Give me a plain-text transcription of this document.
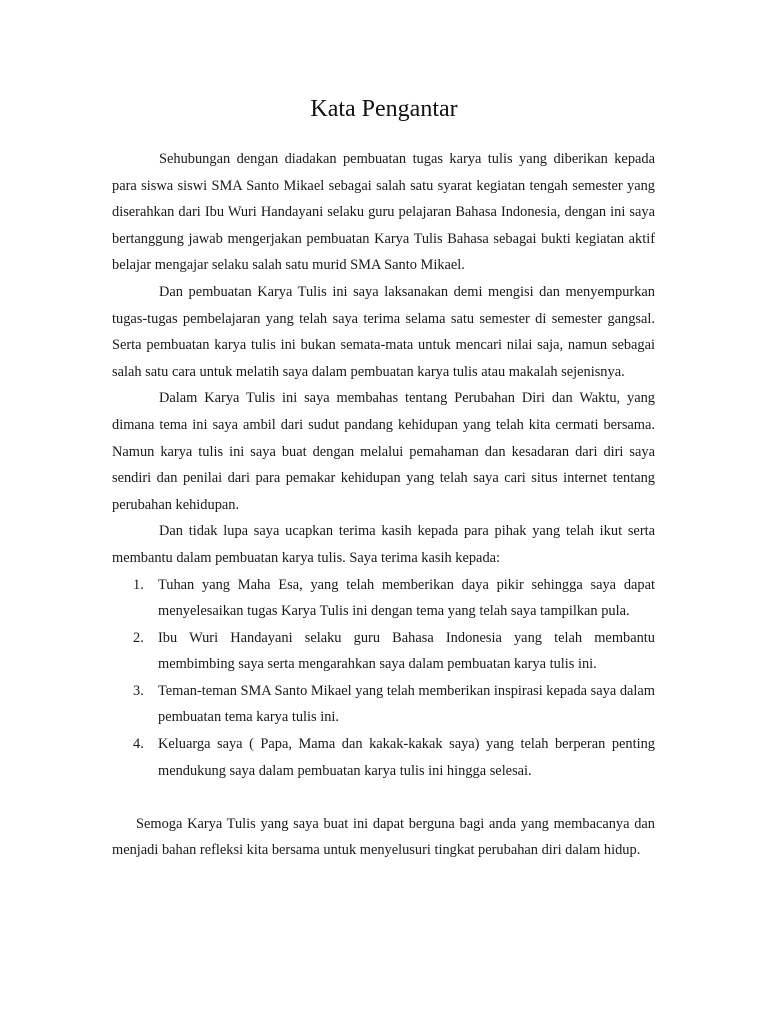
Kata Pengantar

Sehubungan dengan diadakan pembuatan tugas karya tulis yang diberikan kepada para siswa siswi SMA Santo Mikael sebagai salah satu syarat kegiatan tengah semester yang diserahkan dari Ibu Wuri Handayani selaku guru pelajaran Bahasa Indonesia, dengan ini saya bertanggung jawab mengerjakan pembuatan Karya Tulis Bahasa sebagai bukti kegiatan aktif belajar mengajar selaku salah satu murid SMA Santo Mikael.

Dan pembuatan Karya Tulis ini saya laksanakan demi mengisi dan menyempurkan tugas-tugas pembelajaran yang telah saya terima selama satu semester di semester gangsal. Serta pembuatan karya tulis ini bukan semata-mata untuk mencari nilai saja, namun sebagai salah satu cara untuk melatih saya dalam pembuatan karya tulis atau makalah sejenisnya.

Dalam Karya Tulis ini saya membahas tentang Perubahan Diri dan Waktu, yang dimana tema ini saya ambil dari sudut pandang kehidupan yang telah kita cermati bersama. Namun karya tulis ini saya buat dengan melalui pemahaman dan kesadaran dari diri saya sendiri dan penilai dari para pemakar kehidupan yang telah saya cari situs internet tentang perubahan kehidupan.

Dan tidak lupa saya ucapkan terima kasih kepada para pihak yang telah ikut serta membantu dalam pembuatan karya tulis. Saya terima kasih kepada:

1. Tuhan yang Maha Esa, yang telah memberikan daya pikir sehingga saya dapat menyelesaikan tugas Karya Tulis ini dengan tema yang telah saya tampilkan pula.
2. Ibu Wuri Handayani selaku guru Bahasa Indonesia yang telah membantu membimbing saya serta mengarahkan saya dalam pembuatan karya tulis ini.
3. Teman-teman SMA Santo Mikael yang telah memberikan inspirasi kepada saya dalam pembuatan tema karya tulis ini.
4. Keluarga saya ( Papa, Mama dan kakak-kakak saya) yang telah berperan penting mendukung saya dalam pembuatan karya tulis ini hingga selesai.

Semoga Karya Tulis yang saya buat ini dapat berguna bagi anda yang membacanya dan menjadi bahan refleksi kita bersama untuk menyelusuri tingkat perubahan diri dalam hidup.
